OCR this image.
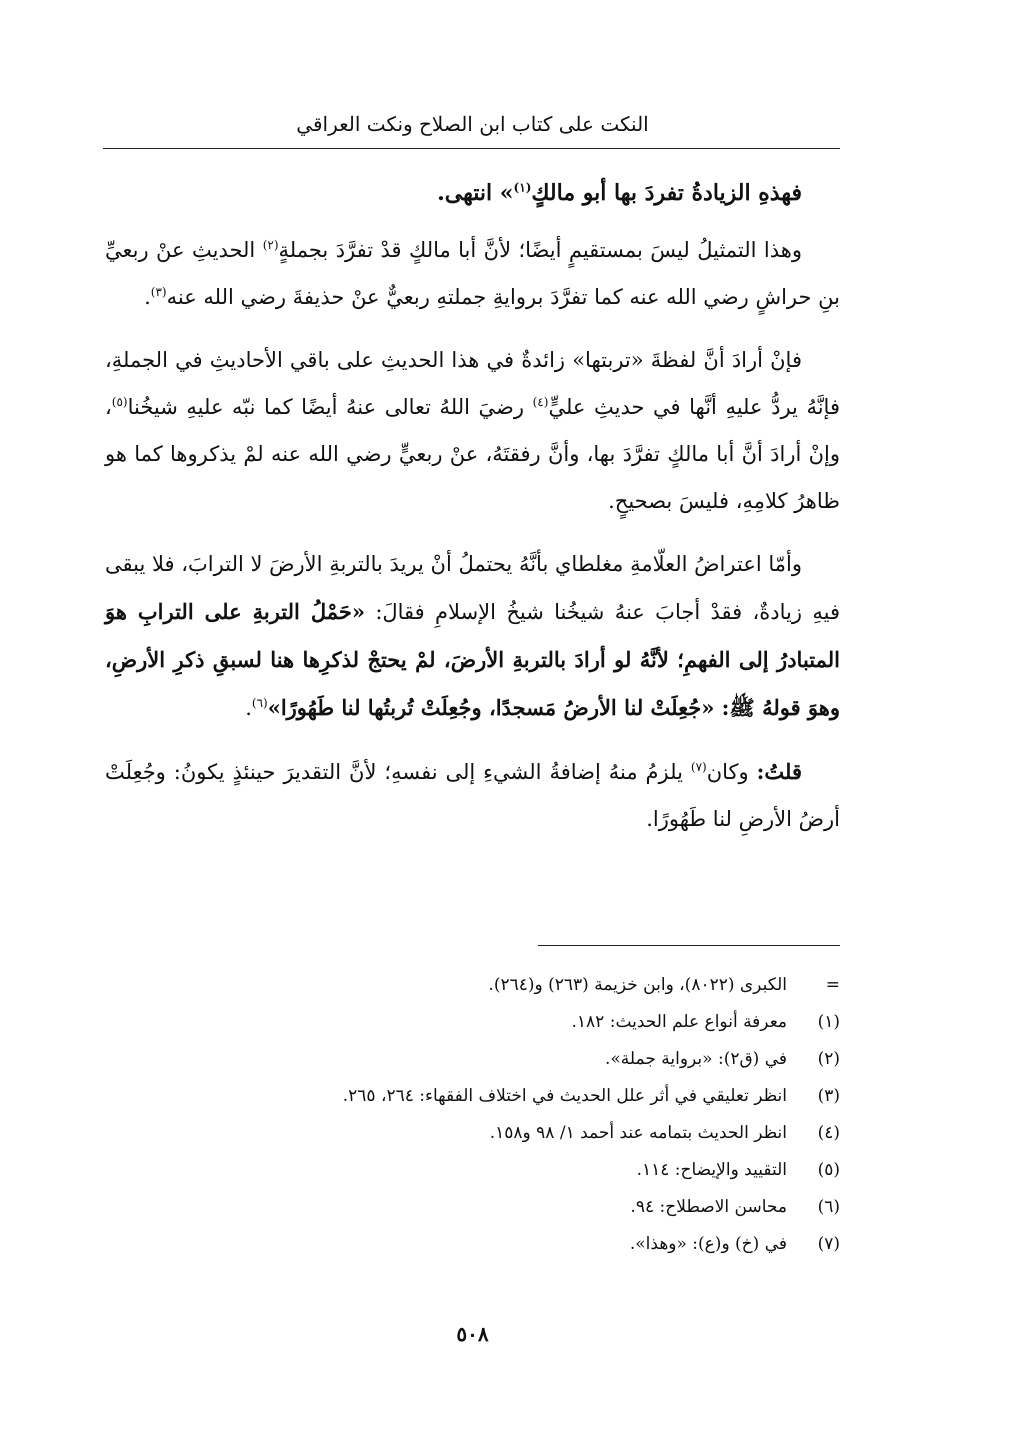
النكت على كتاب ابن الصلاح ونكت العراقي

فهذهِ الزيادةُ تفردَ بها أبو مالكٍ$^{(١)}$» انتهى.

وهذا التمثيلُ ليسَ بمستقيمٍ أيضًا؛ لأنَّ أبا مالكٍ قدْ تفرَّدَ بجملةٍ$^{(٢)}$ الحديثِ عنْ ربعيِّ بنِ حراشٍ رضي الله عنه كما تفرَّدَ بروايةِ جملتهِ ربعيٌّ عنْ حذيفةَ رضي الله عنه$^{(٣)}$.

فإنْ أرادَ أنَّ لفظةَ «تربتها» زائدةٌ في هذا الحديثِ على باقي الأحاديثِ في الجملةِ، فإنَّهُ يردُّ عليهِ أنَّها في حديثِ عليٍّ$^{(٤)}$ رضيَ اللهُ تعالى عنهُ أيضًا كما نبّه عليهِ شيخُنا$^{(٥)}$، وإنْ أرادَ أنَّ أبا مالكٍ تفرَّدَ بها، وأنَّ رفقتَهُ، عنْ ربعيٍّ رضي الله عنه لمْ يذكروها كما هو ظاهرُ كلامِهِ، فليسَ بصحيحٍ.

وأمّا اعتراضُ العلّامةِ مغلطاي بأنَّهُ يحتملُ أنْ يريدَ بالتربةِ الأرضَ لا الترابَ، فلا يبقى فيهِ زيادةٌ، فقدْ أجابَ عنهُ شيخُنا شيخُ الإسلامِ فقالَ: «حَمْلُ التربةِ على الترابِ هوَ المتبادرُ إلى الفهمِ؛ لأنَّهُ لو أرادَ بالتربةِ الأرضَ، لمْ يحتجْ لذكرِها هنا لسبقِ ذكرِ الأرضِ، وهوَ قولهُ ﷺ: «جُعِلَتْ لنا الأرضُ مَسجدًا، وجُعِلَتْ تُربتُها لنا طَهُورًا»$^{(٦)}$.

قلتُ: وكان$^{(٧)}$ يلزمُ منهُ إضافةُ الشيءِ إلى نفسهِ؛ لأنَّ التقديرَ حينئذٍ يكونُ: وجُعِلَتْ أرضُ الأرضِ لنا طَهُورًا.

=
الكبرى (٨٠٢٢)، وابن خزيمة (٢٦٣) و(٢٦٤).
(١)
معرفة أنواع علم الحديث: ١٨٢.
(٢)
في (ق٢): «برواية جملة».
(٣)
انظر تعليقي في أثر علل الحديث في اختلاف الفقهاء: ٢٦٤، ٢٦٥.
(٤)
انظر الحديث بتمامه عند أحمد ١/ ٩٨ و١٥٨.
(٥)
التقييد والإيضاح: ١١٤.
(٦)
محاسن الاصطلاح: ٩٤.
(٧)
في (خ) و(ع): «وهذا».
٥٠٨
